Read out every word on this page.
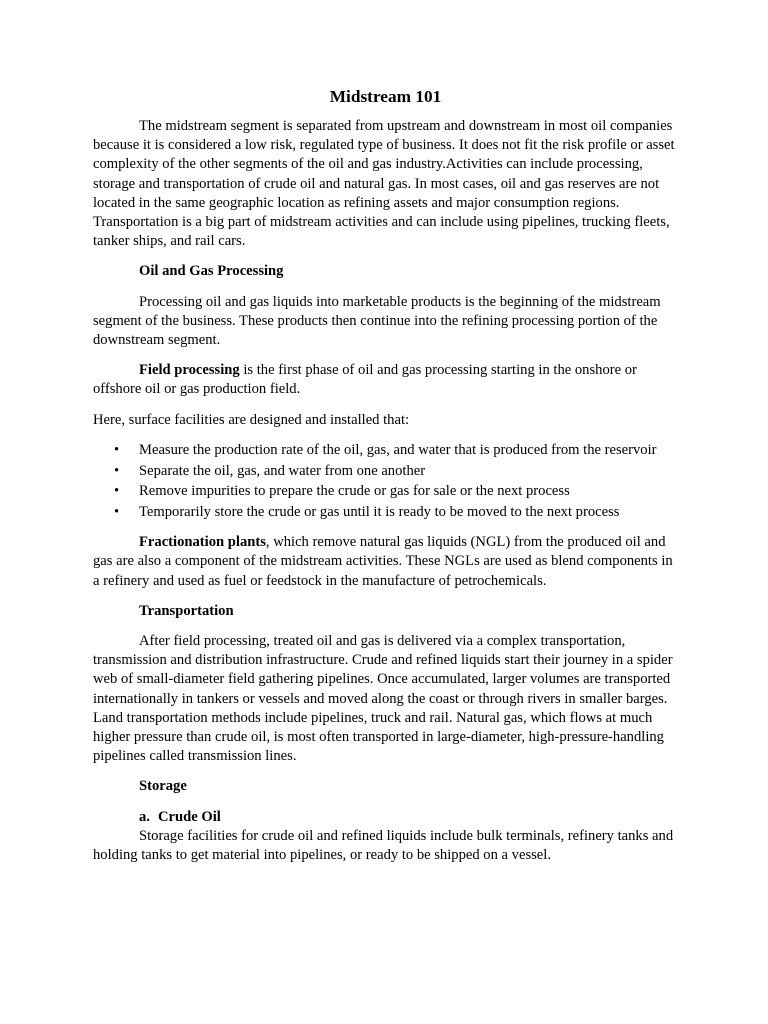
Midstream 101

The midstream segment is separated from upstream and downstream in most oil companies because it is considered a low risk, regulated type of business. It does not fit the risk profile or asset complexity of the other segments of the oil and gas industry.Activities can include processing, storage and transportation of crude oil and natural gas. In most cases, oil and gas reserves are not located in the same geographic location as refining assets and major consumption regions. Transportation is a big part of midstream activities and can include using pipelines, trucking fleets, tanker ships, and rail cars.

Oil and Gas Processing

Processing oil and gas liquids into marketable products is the beginning of the midstream segment of the business. These products then continue into the refining processing portion of the downstream segment.

Field processing is the first phase of oil and gas processing starting in the onshore or offshore oil or gas production field.

Here, surface facilities are designed and installed that:

• Measure the production rate of the oil, gas, and water that is produced from the reservoir
• Separate the oil, gas, and water from one another
• Remove impurities to prepare the crude or gas for sale or the next process
• Temporarily store the crude or gas until it is ready to be moved to the next process

Fractionation plants, which remove natural gas liquids (NGL) from the produced oil and gas are also a component of the midstream activities. These NGLs are used as blend components in a refinery and used as fuel or feedstock in the manufacture of petrochemicals.

Transportation

After field processing, treated oil and gas is delivered via a complex transportation, transmission and distribution infrastructure. Crude and refined liquids start their journey in a spider web of small-diameter field gathering pipelines. Once accumulated, larger volumes are transported internationally in tankers or vessels and moved along the coast or through rivers in smaller barges. Land transportation methods include pipelines, truck and rail. Natural gas, which flows at much higher pressure than crude oil, is most often transported in large-diameter, high-pressure-handling pipelines called transmission lines.

Storage
a. Crude Oil

Storage facilities for crude oil and refined liquids include bulk terminals, refinery tanks and holding tanks to get material into pipelines, or ready to be shipped on a vessel.
